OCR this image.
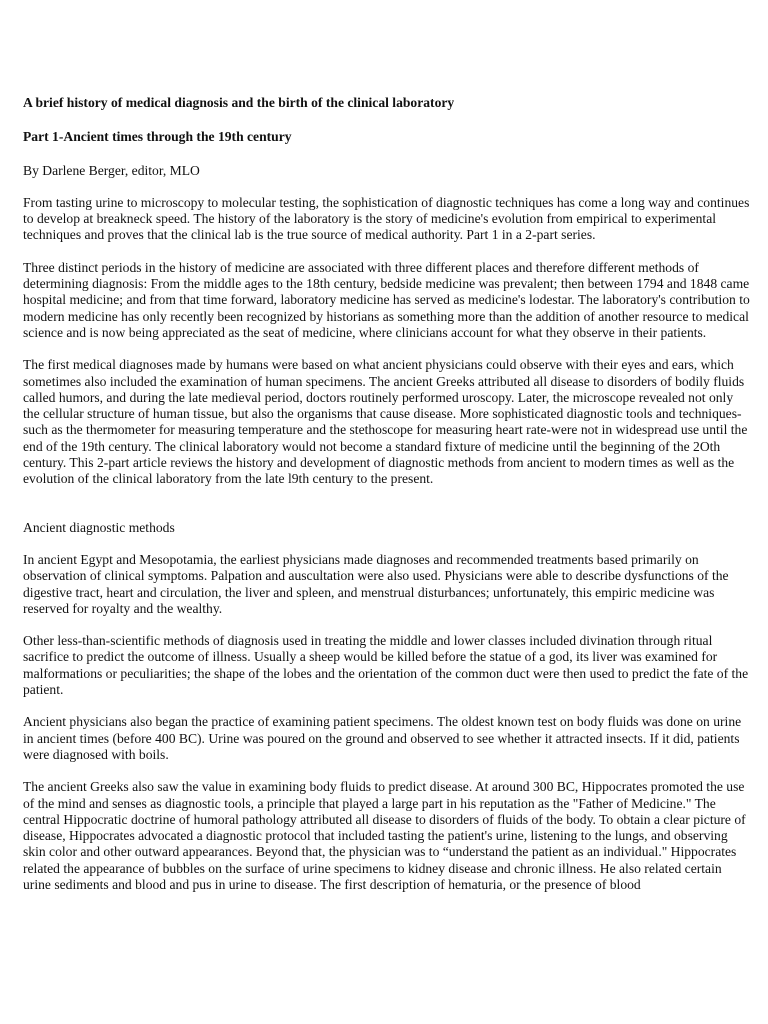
A brief history of medical diagnosis and the birth of the clinical laboratory
Part 1-Ancient times through the 19th century

By Darlene Berger, editor, MLO

From tasting urine to microscopy to molecular testing, the sophistication of diagnostic techniques has come a long way and continues to develop at breakneck speed. The history of the laboratory is the story of medicine's evolution from empirical to experimental techniques and proves that the clinical lab is the true source of medical authority. Part 1 in a 2-part series.

Three distinct periods in the history of medicine are associated with three different places and therefore different methods of determining diagnosis: From the middle ages to the 18th century, bedside medicine was prevalent; then between 1794 and 1848 came hospital medicine; and from that time forward, laboratory medicine has served as medicine's lodestar. The laboratory's contribution to modern medicine has only recently been recognized by historians as something more than the addition of another resource to medical science and is now being appreciated as the seat of medicine, where clinicians account for what they observe in their patients.

The first medical diagnoses made by humans were based on what ancient physicians could observe with their eyes and ears, which sometimes also included the examination of human specimens. The ancient Greeks attributed all disease to disorders of bodily fluids called humors, and during the late medieval period, doctors routinely performed uroscopy. Later, the microscope revealed not only the cellular structure of human tissue, but also the organisms that cause disease. More sophisticated diagnostic tools and techniques-such as the thermometer for measuring temperature and the stethoscope for measuring heart rate-were not in widespread use until the end of the 19th century. The clinical laboratory would not become a standard fixture of medicine until the beginning of the 2Oth century. This 2-part article reviews the history and development of diagnostic methods from ancient to modern times as well as the evolution of the clinical laboratory from the late l9th century to the present.

Ancient diagnostic methods

In ancient Egypt and Mesopotamia, the earliest physicians made diagnoses and recommended treatments based primarily on observation of clinical symptoms. Palpation and auscultation were also used. Physicians were able to describe dysfunctions of the digestive tract, heart and circulation, the liver and spleen, and menstrual disturbances; unfortunately, this empiric medicine was reserved for royalty and the wealthy.

Other less-than-scientific methods of diagnosis used in treating the middle and lower classes included divination through ritual sacrifice to predict the outcome of illness. Usually a sheep would be killed before the statue of a god, its liver was examined for malformations or peculiarities; the shape of the lobes and the orientation of the common duct were then used to predict the fate of the patient.

Ancient physicians also began the practice of examining patient specimens. The oldest known test on body fluids was done on urine in ancient times (before 400 BC). Urine was poured on the ground and observed to see whether it attracted insects. If it did, patients were diagnosed with boils.

The ancient Greeks also saw the value in examining body fluids to predict disease. At around 300 BC, Hippocrates promoted the use of the mind and senses as diagnostic tools, a principle that played a large part in his reputation as the "Father of Medicine." The central Hippocratic doctrine of humoral pathology attributed all disease to disorders of fluids of the body. To obtain a clear picture of disease, Hippocrates advocated a diagnostic protocol that included tasting the patient's urine, listening to the lungs, and observing skin color and other outward appearances. Beyond that, the physician was to “understand the patient as an individual." Hippocrates related the appearance of bubbles on the surface of urine specimens to kidney disease and chronic illness. He also related certain urine sediments and blood and pus in urine to disease. The first description of hematuria, or the presence of blood
